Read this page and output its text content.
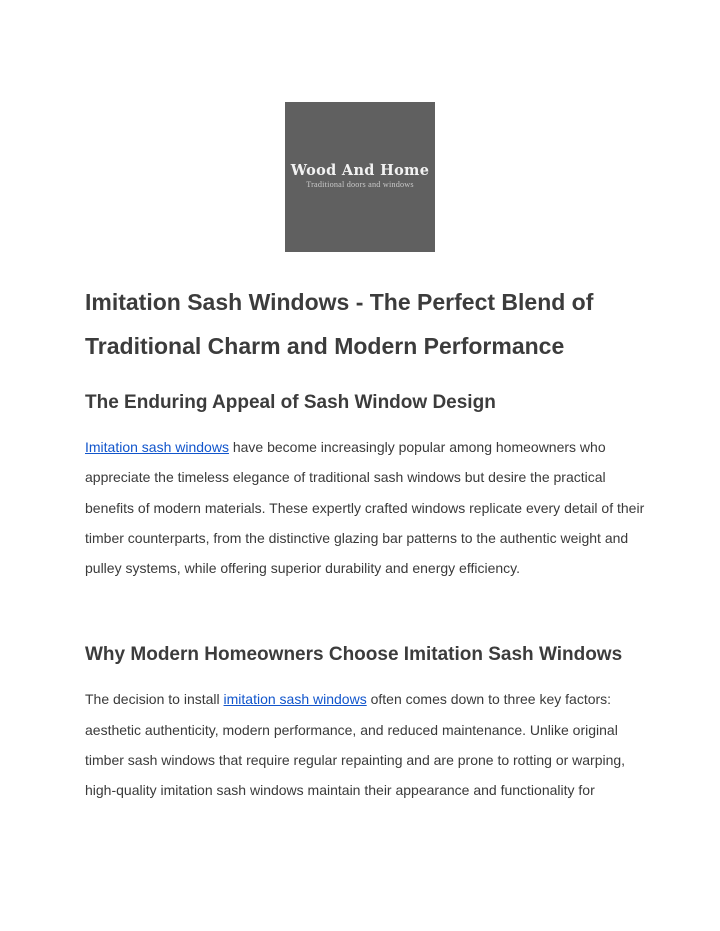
Wood And Home
Traditional doors and windows
Imitation Sash Windows - The Perfect Blend of Traditional Charm and Modern Performance
The Enduring Appeal of Sash Window Design

Imitation sash windows have become increasingly popular among homeowners who appreciate the timeless elegance of traditional sash windows but desire the practical benefits of modern materials. These expertly crafted windows replicate every detail of their timber counterparts, from the distinctive glazing bar patterns to the authentic weight and pulley systems, while offering superior durability and energy efficiency.

Why Modern Homeowners Choose Imitation Sash Windows

The decision to install imitation sash windows often comes down to three key factors: aesthetic authenticity, modern performance, and reduced maintenance. Unlike original timber sash windows that require regular repainting and are prone to rotting or warping, high-quality imitation sash windows maintain their appearance and functionality for
